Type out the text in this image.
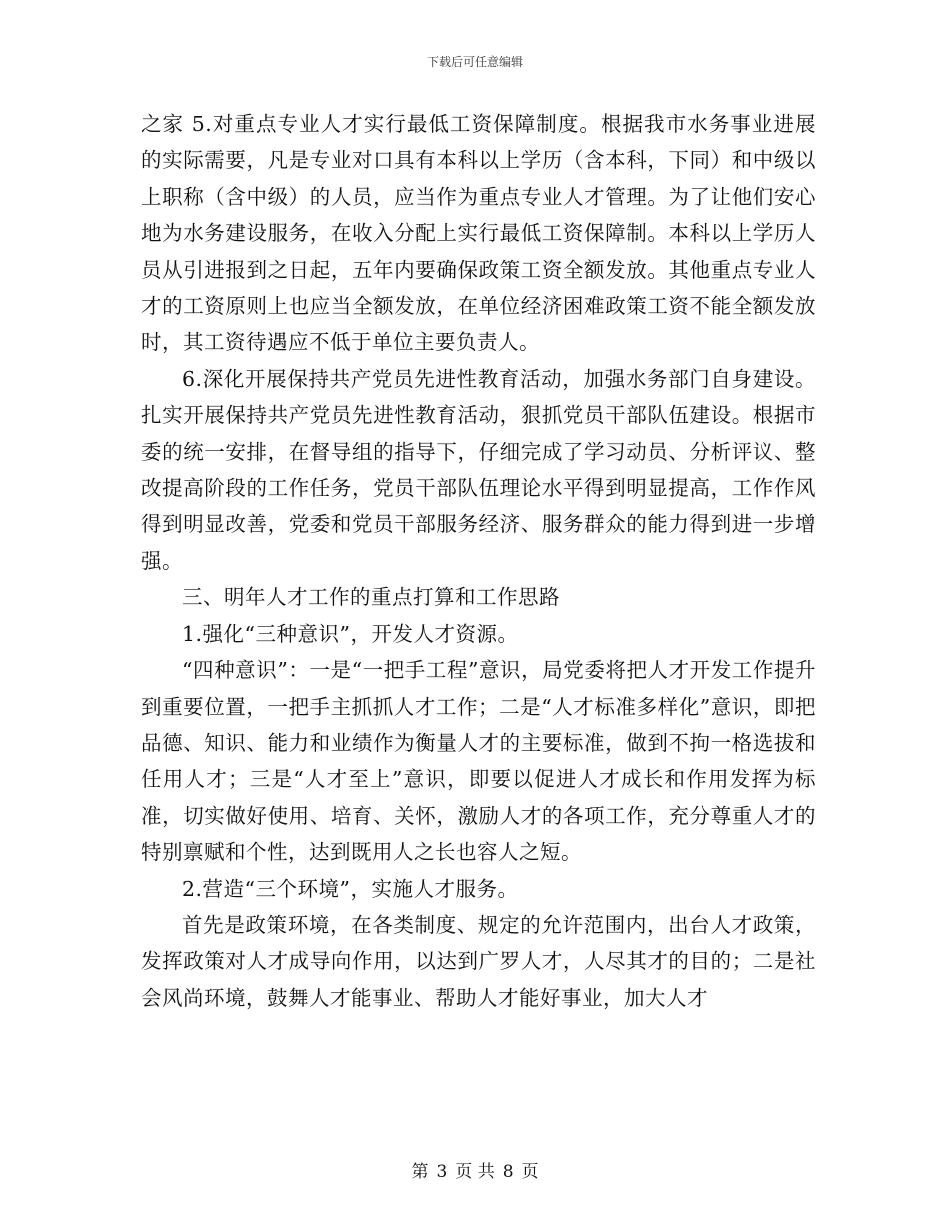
下载后可任意编辑

之家 5.对重点专业人才实行最低工资保障制度。根据我市水务事业进展的实际需要，凡是专业对口具有本科以上学历（含本科，下同）和中级以上职称（含中级）的人员，应当作为重点专业人才管理。为了让他们安心地为水务建设服务，在收入分配上实行最低工资保障制。本科以上学历人员从引进报到之日起，五年内要确保政策工资全额发放。其他重点专业人才的工资原则上也应当全额发放，在单位经济困难政策工资不能全额发放时，其工资待遇应不低于单位主要负责人。

6.深化开展保持共产党员先进性教育活动，加强水务部门自身建设。扎实开展保持共产党员先进性教育活动，狠抓党员干部队伍建设。根据市委的统一安排，在督导组的指导下，仔细完成了学习动员、分析评议、整改提高阶段的工作任务，党员干部队伍理论水平得到明显提高，工作作风得到明显改善，党委和党员干部服务经济、服务群众的能力得到进一步增强。

三、明年人才工作的重点打算和工作思路

1.强化“三种意识”，开发人才资源。

“四种意识”：一是“一把手工程”意识，局党委将把人才开发工作提升到重要位置，一把手主抓抓人才工作；二是“人才标准多样化”意识，即把品德、知识、能力和业绩作为衡量人才的主要标准，做到不拘一格选拔和任用人才；三是“人才至上”意识，即要以促进人才成长和作用发挥为标准，切实做好使用、培育、关怀，激励人才的各项工作，充分尊重人才的特别禀赋和个性，达到既用人之长也容人之短。

2.营造“三个环境”，实施人才服务。

首先是政策环境，在各类制度、规定的允许范围内，出台人才政策，发挥政策对人才成导向作用，以达到广罗人才，人尽其才的目的；二是社会风尚环境，鼓舞人才能事业、帮助人才能好事业，加大人才

第 3 页 共 8 页
